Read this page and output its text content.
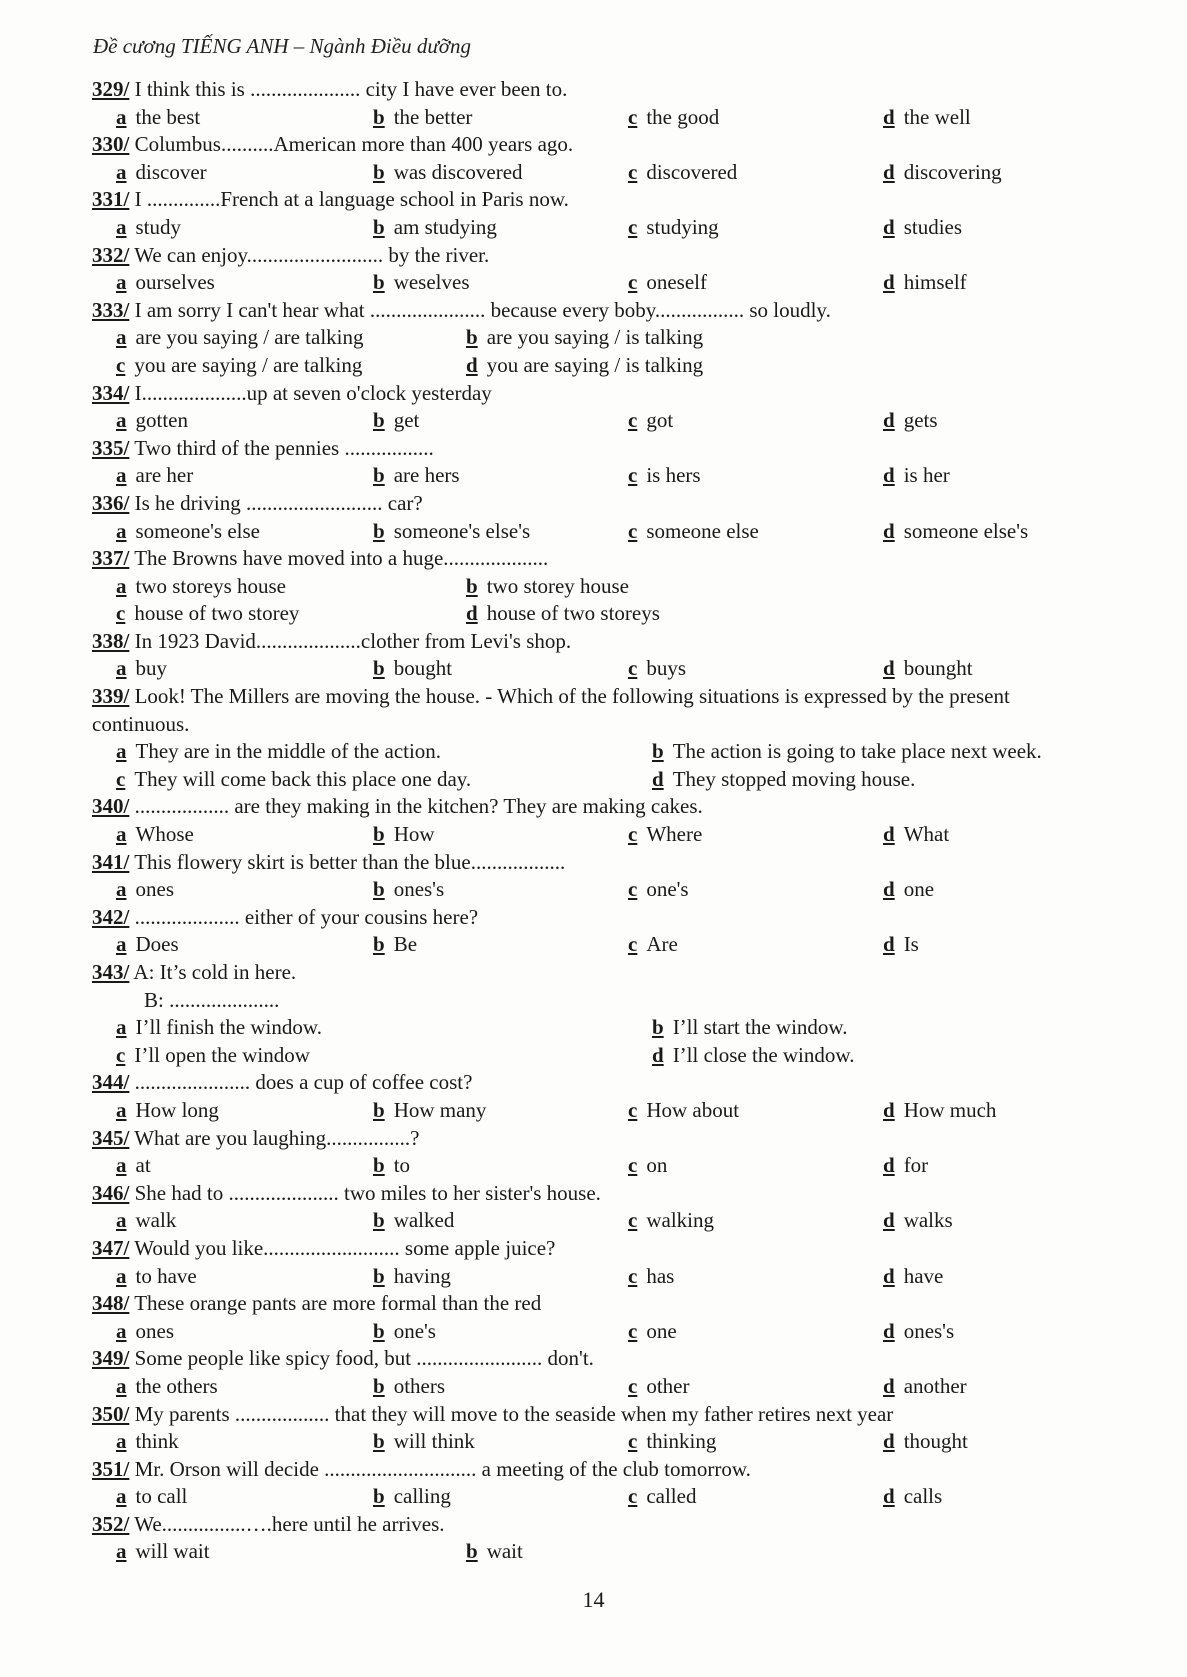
Đề cương TIẾNG ANH – Ngành Điều dưỡng
329/ I think this is ..................... city I have ever been to.
a the best	b the better	c the good	d the well
330/ Columbus..........American more than 400 years ago.
a discover	b was discovered	c discovered	d discovering
331/ I ..............French at a language school in Paris now.
a study	b am studying	c studying	d studies
332/ We can enjoy.......................... by the river.
a ourselves	b weselves	c oneself	d himself
333/ I am sorry I can't hear what ...................... because every boby................. so loudly.
a are you saying / are talking	b are you saying / is talking
c you are saying / are talking	d you are saying / is talking
334/ I....................up at seven o'clock yesterday
a gotten	b get	c got	d gets
335/ Two third of the pennies .................
a are her	b are hers	c is hers	d is her
336/ Is he driving .......................... car?
a someone's else	b someone's else's	c someone else	d someone else's
337/ The Browns have moved into a huge....................
a two storeys house	b two storey house
c house of two storey	d house of two storeys
338/ In 1923 David....................clother from Levi's shop.
a buy	b bought	c buys	d bounght
339/ Look! The Millers are moving the house. - Which of the following situations is expressed by the present continuous.
a They are in the middle of the action.	b The action is going to take place next week.
c They will come back this place one day.	d They stopped moving house.
340/ .................. are they making in the kitchen? They are making cakes.
a Whose	b How	c Where	d What
341/ This flowery skirt is better than the blue..................
a ones	b ones's	c one's	d one
342/ .................... either of your cousins here?
a Does	b Be	c Are	d Is
343/ A: It’s cold in here.
B: .....................
a I’ll finish the window.	b I’ll start the window.
c I’ll open the window	d I’ll close the window.
344/ ...................... does a cup of coffee cost?
a How long	b How many	c How about	d How much
345/ What are you laughing................?
a at	b to	c on	d for
346/ She had to ..................... two miles to her sister's house.
a walk	b walked	c walking	d walks
347/ Would you like.......................... some apple juice?
a to have	b having	c has	d have
348/ These orange pants are more formal than the red
a ones	b one's	c one	d ones's
349/ Some people like spicy food, but ........................ don't.
a the others	b others	c other	d another
350/ My parents .................. that they will move to the seaside when my father retires next year
a think	b will think	c thinking	d thought
351/ Mr. Orson will decide ............................. a meeting of the club tomorrow.
a to call	b calling	c called	d calls
352/ We................….here until he arrives.
a will wait	b wait
14
